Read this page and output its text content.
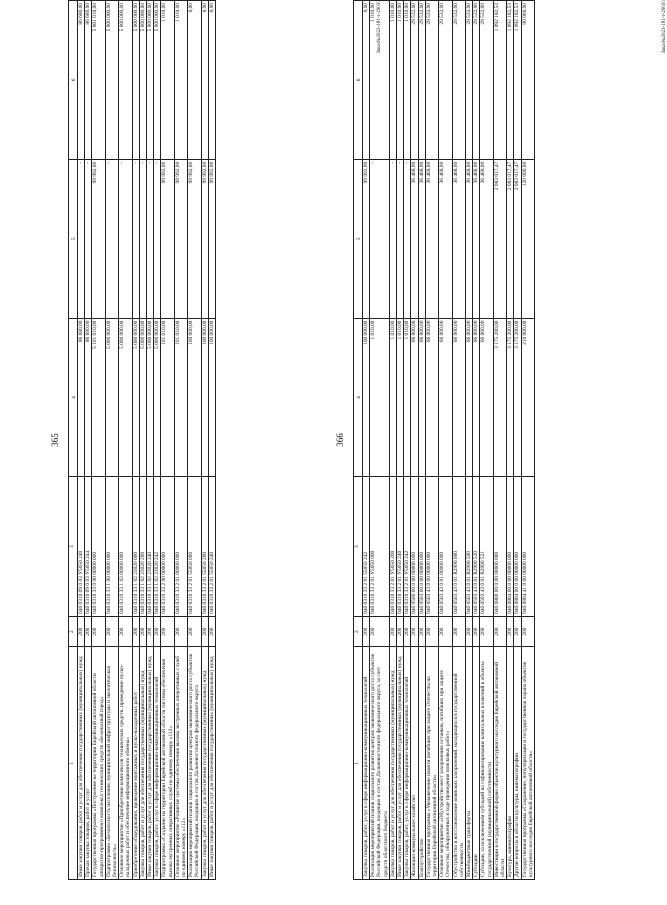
365
1	2	3	4	5	6
Иные закупки товаров, работ и услуг для обеспечения государственных (муниципальных) нужд	200	040 0310 09 0 03 У5050 240	86 680,00	-	86 680,00
Прочая закупка товаров, работ и услуг	200	040 0310 09 0 03 У5050 244	86 680,00	-	86 680,00
Государственная программа «Построение на территории Еврейской автономной области аппаратно-программного комплекса технических средств «Безопасный город»	200	040 0310 33 0 00 00000 000	5 101 010,00	99 992,00	5 001 018,00
Подпрограмма «Безопасность населения, муниципальной инфраструктуры и экологическая безопасность»	200	040 0310 33 1 00 00000 000	5 000 000,00	-	5 000 000,00
Основное мероприятие «Приобретение комплексов технических средств, проведение пуско-наладочных работ и обеспечение информационного обмена»	200	040 0310 33 1 02 00000 000	5 000 000,00	-	5 000 000,00
Приобретение оборудования, проведение монтажных и пуско-наладочных работ	200	040 0310 33 1 02 23020 000	5 000 000,00	-	5 000 000,00
Закупка товаров, работ и услуг для обеспечения государственных (муниципальных) нужд	200	040 0310 33 1 02 23020 200	5 000 000,00	-	5 000 000,00
Иные закупки товаров, работ и услуг для обеспечения государственных (муниципальных) нужд	200	040 0310 33 1 02 23020 240	5 000 000,00	-	5 000 000,00
Закупка товаров, работ, услуг в сфере информационно-коммуникационных технологий	200	040 0310 33 1 02 23020 242	5 000 000,00	-	5 000 000,00
Подпрограмма «Создание на территории Еврейской автономной области системы обеспечения вызова экстренных оперативных служб по единому номеру «112»	200	040 0310 33 2 00 00000 000	101 010,00	99 992,00	1 018,00
Основное мероприятие «Развитие системы обеспечения вызова экстренных оперативных служб по единому номеру «112»	200	040 0310 33 2 01 00000 000	101 010,00	99 992,00	1 018,00
Реализация мероприятий планов социального развития центров экономического роста субъектов Российской Федерации, входящих в состав Дальневосточного федерального округа	200	040 0310 33 2 01 55050 000	100 000,00	99 992,00	8,00
Закупка товаров, работ и услуг для обеспечения государственных (муниципальных) нужд	200	040 0310 33 2 01 55050 200	100 000,00	99 992,00	8,00
Иные закупки товаров, работ и услуг для обеспечения государственных (муниципальных) нужд	200	040 0310 33 2 01 55050 240	100 000,00	99 992,00	8,00	Заказ№2023-181-т-2903\\
366
1	2	3	4	5	6
Закупка товаров, работ, услуг в сфере информационно-коммуникационных технологий	200	040 0310 33 2 01 55050 242	100 000,00	99 992,00	8,00
Реализация мероприятий планов социального развития центров экономического роста субъектов Российской Федерации, входящих в состав Дальневосточного федерального округа, за счет средств областного бюджета	200	040 0310 33 2 01 У5050 000	1 010,00	-	1 010,00
Закупка товаров, работ и услуг для обеспечения государственных (муниципальных) нужд	200	040 0310 33 2 01 У5050 200	1 010,00	-	1 010,00
Иные закупки товаров, работ и услуг для обеспечения государственных (муниципальных) нужд	200	040 0310 33 2 01 У5050 240	1 010,00	-	1 010,00
Закупка товаров, работ, услуг в сфере информационно-коммуникационных технологий	200	040 0310 33 2 01 У5050 242	1 010,00	-	1 010,00
Жилищно-коммунальное хозяйство	200	040 0500 00 0 00 00000 000	66 000,00	36 468,00	29 532,00
Благоустройство	200	040 0503 00 0 00 00000 000	66 000,00	36 468,00	29 532,00
Государственная программа «Увековечение памяти погибших при защите Отечества на территории Еврейской автономной области»	200	040 0503 43 0 00 00000 000	66 000,00	36 468,00	29 532,00
Основное мероприятие «Обустройство мест захоронения останков, погибших при защите Отечества, обнаруженных в ходе проведения поисковых работ»	200	040 0503 43 0 01 00000 000	66 000,00	36 468,00	29 532,00
Обустройство и восстановление воинских захоронений, находящихся в государственной собственности	200	040 0503 43 0 01 R2990 000	66 000,00	36 468,00	29 532,00
Межбюджетные трансферты	200	040 0503 43 0 01 R2990 500	66 000,00	36 468,00	29 532,00
Субсидии	200	040 0503 43 0 01 R2990 520	66 000,00	36 468,00	29 532,00
Субсидии, за исключением субсидий на софинансирование капитальных вложений в объекты государственной (муниципальной) собственности	200	040 0503 43 0 01 R2990 521	66 000,00	36 468,00	29 532,00
Инвестиции в государственной форме объектов культурного наследия Еврейской автономной области	200	040 0800 00 0 00 00000 000	3 175 200,00	2 083 017,47	1 092 182,53
Культура, кинематография	200	040 0804 00 0 00 00000 000	3 175 200,00	2 083 017,47	1 092 182,53
Другие вопросы в области культуры, кинематографии	200	040 0804 00 0 00 00000 000	3 175 200,00	2 083 017,47	1 092 182,53
Государственная программа «Сохранение, популяризация и государственная охрана объектов культурного наследия Еврейской автономной области»	200	040 0804 41 0 00 00000 000	210 000,00	120 000,00	90 000,00	Заказ№2023-181-т-2903\\
